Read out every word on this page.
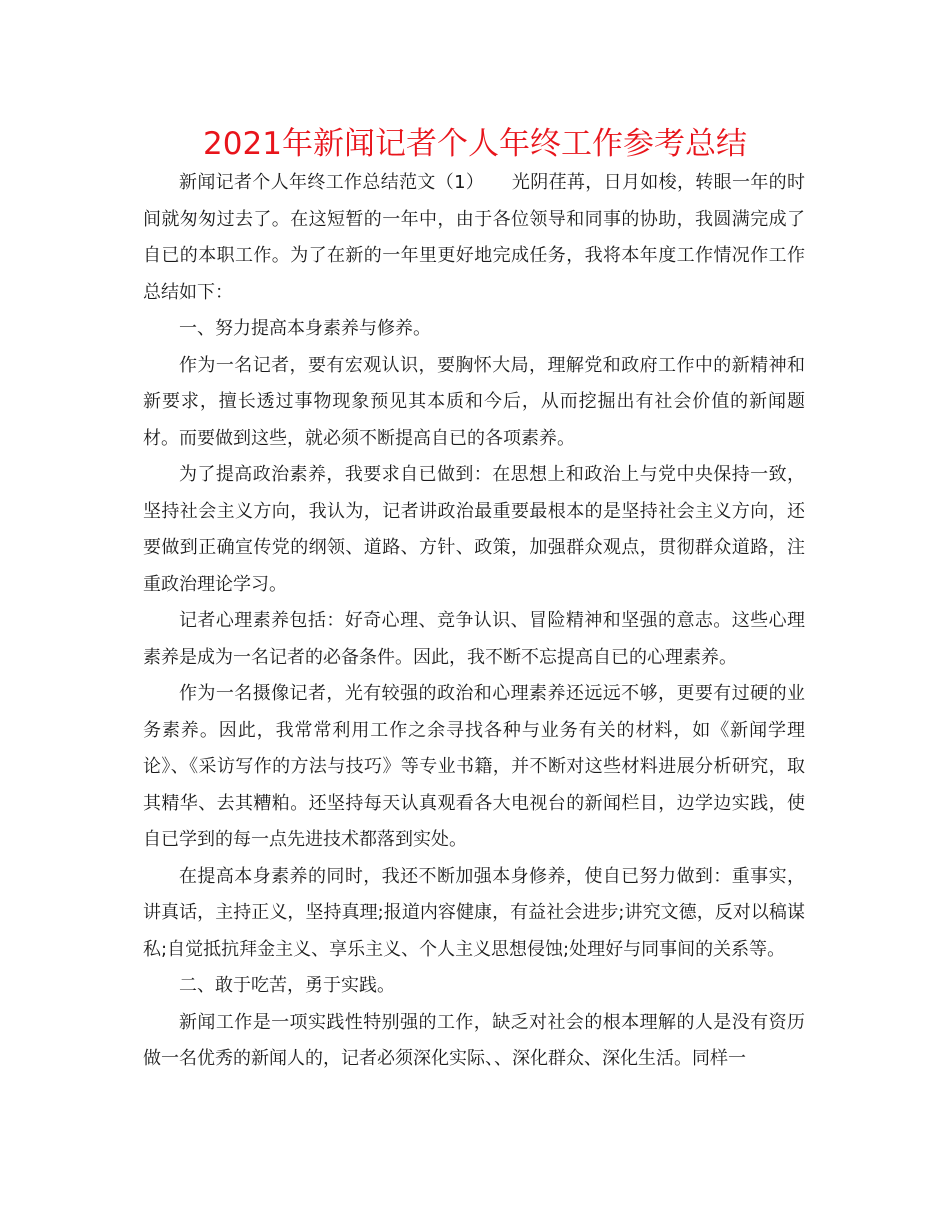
2021年新闻记者个人年终工作参考总结

新闻记者个人年终工作总结范文（1）　　光阴荏苒，日月如梭，转眼一年的时间就匆匆过去了。在这短暂的一年中，由于各位领导和同事的协助，我圆满完成了自已的本职工作。为了在新的一年里更好地完成任务，我将本年度工作情况作工作总结如下：

一、努力提高本身素养与修养。

作为一名记者，要有宏观认识，要胸怀大局，理解党和政府工作中的新精神和新要求，擅长透过事物现象预见其本质和今后，从而挖掘出有社会价值的新闻题材。而要做到这些，就必须不断提高自已的各项素养。

为了提高政治素养，我要求自已做到：在思想上和政治上与党中央保持一致，坚持社会主义方向，我认为，记者讲政治最重要最根本的是坚持社会主义方向，还要做到正确宣传党的纲领、道路、方针、政策，加强群众观点，贯彻群众道路，注重政治理论学习。

记者心理素养包括：好奇心理、竞争认识、冒险精神和坚强的意志。这些心理素养是成为一名记者的必备条件。因此，我不断不忘提高自已的心理素养。

作为一名摄像记者，光有较强的政治和心理素养还远远不够，更要有过硬的业务素养。因此，我常常利用工作之余寻找各种与业务有关的材料，如《新闻学理论》、《采访写作的方法与技巧》等专业书籍，并不断对这些材料进展分析研究，取其精华、去其糟粕。还坚持每天认真观看各大电视台的新闻栏目，边学边实践，使自已学到的每一点先进技术都落到实处。

在提高本身素养的同时，我还不断加强本身修养，使自已努力做到：重事实，讲真话，主持正义，坚持真理;报道内容健康，有益社会进步;讲究文德，反对以稿谋私;自觉抵抗拜金主义、享乐主义、个人主义思想侵蚀;处理好与同事间的关系等。

二、敢于吃苦，勇于实践。

新闻工作是一项实践性特别强的工作，缺乏对社会的根本理解的人是没有资历做一名优秀的新闻人的，记者必须深化实际、、深化群众、深化生活。同样一
